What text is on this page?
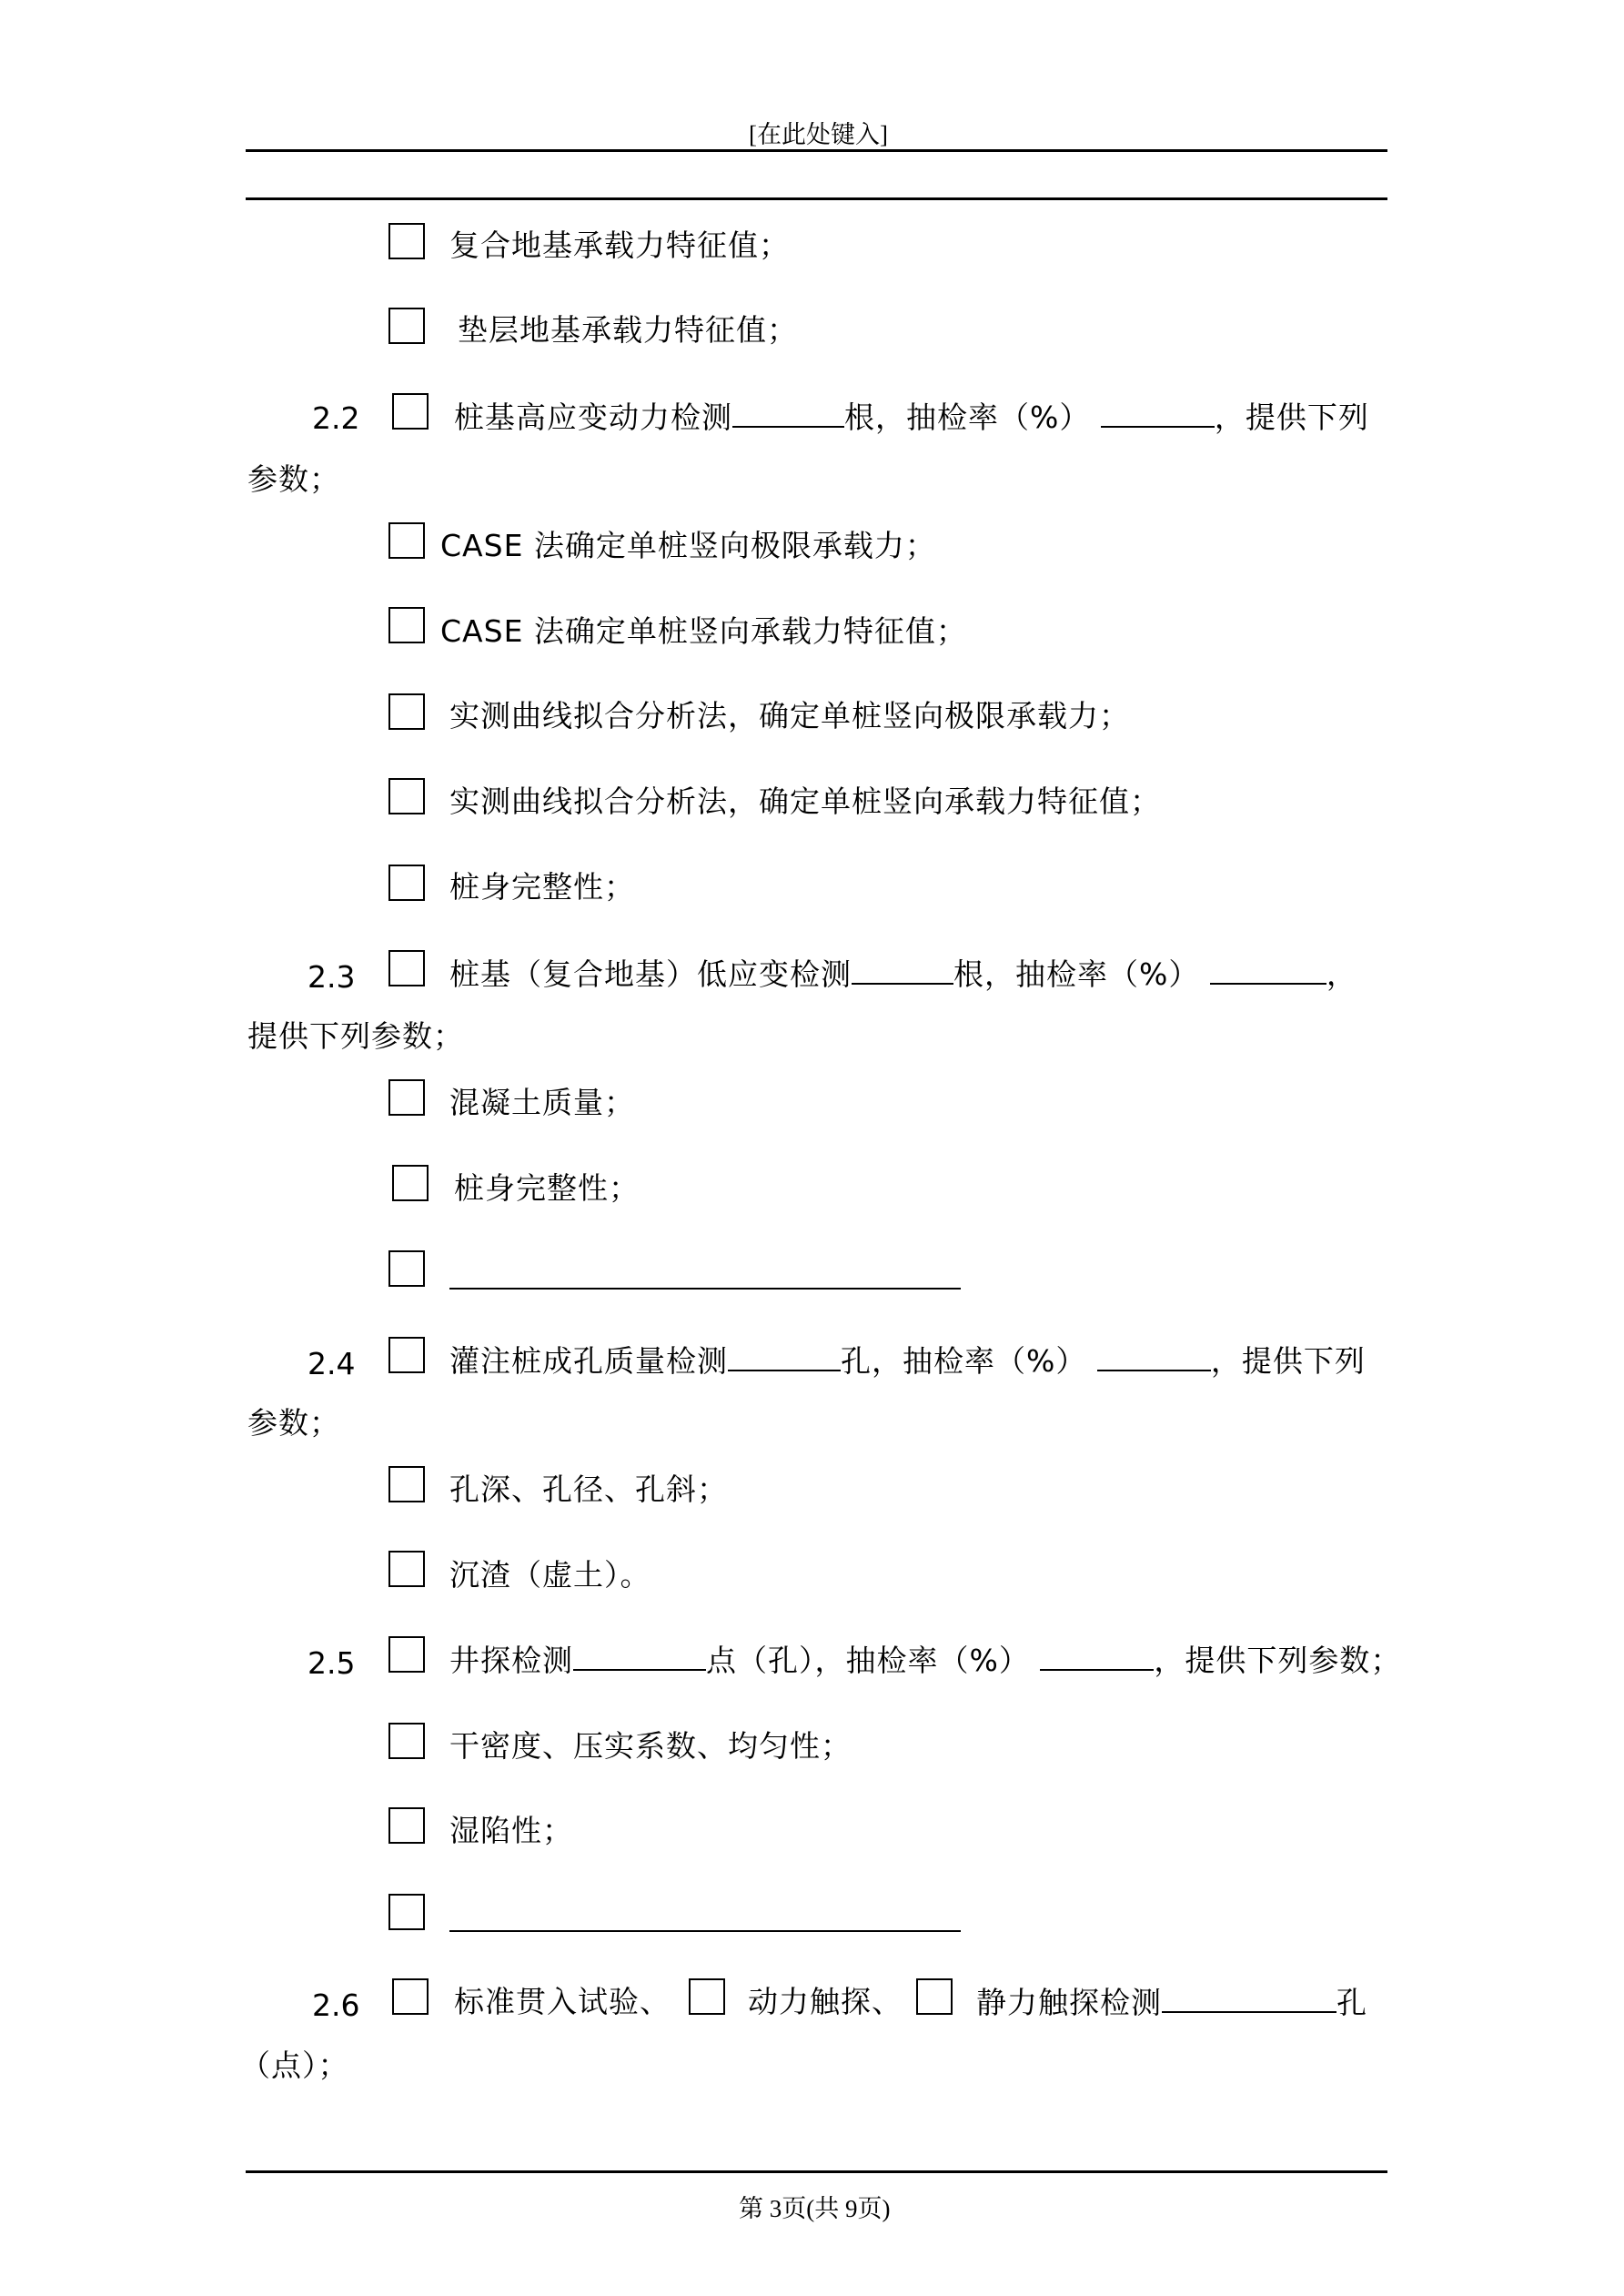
[在此处键入]
复合地基承载力特征值；
垫层地基承载力特征值；
2.2	桩基高应变动力检测	根，抽检率（%）	，提供下列
参数；
CASE 法确定单桩竖向极限承载力；
CASE 法确定单桩竖向承载力特征值；
实测曲线拟合分析法，确定单桩竖向极限承载力；
实测曲线拟合分析法，确定单桩竖向承载力特征值；
桩身完整性；
2.3	桩基（复合地基）低应变检测	根，抽检率（%）	，
提供下列参数；
混凝土质量；
桩身完整性；
2.4	灌注桩成孔质量检测	孔，抽检率（%）	，提供下列
参数；
孔深、孔径、孔斜；
沉渣（虚土）。
2.5	井探检测	点（孔），抽检率（%）	，提供下列参数；
干密度、压实系数、均匀性；
湿陷性；
2.6	标准贯入试验、	动力触探、 静力触探检测	孔
（点）；
第 3页(共 9页)
